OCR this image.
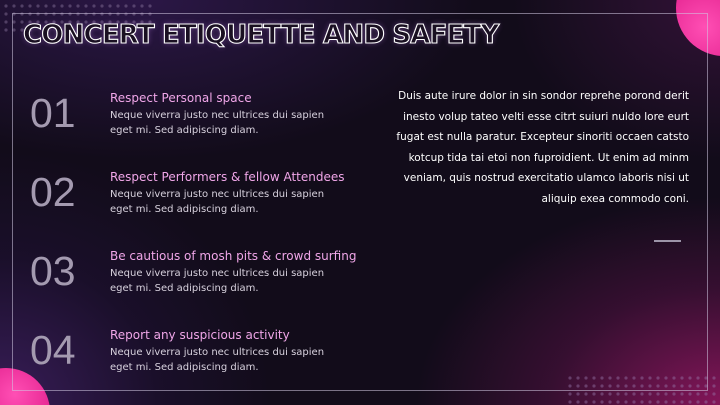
CONCERT ETIQUETTE AND SAFETY
01	Respect Personal space
Neque viverra justo nec ultrices dui sapien eget mi. Sed adipiscing diam.
02	Respect Performers & fellow Attendees
Neque viverra justo nec ultrices dui sapien eget mi. Sed adipiscing diam.
03	Be cautious of mosh pits & crowd surfing
Neque viverra justo nec ultrices dui sapien eget mi. Sed adipiscing diam.
04	Report any suspicious activity
Neque viverra justo nec ultrices dui sapien eget mi. Sed adipiscing diam.

Duis aute irure dolor in sin sondor reprehe porond derit inesto volup tateo velti esse citrt suiuri nuldo lore eurt fugat est nulla paratur. Excepteur sinoriti occaen catsto kotcup tida tai etoi non fuproidient. Ut enim ad minm veniam, quis nostrud exercitatio ulamco laboris nisi ut aliquip exea commodo coni.
